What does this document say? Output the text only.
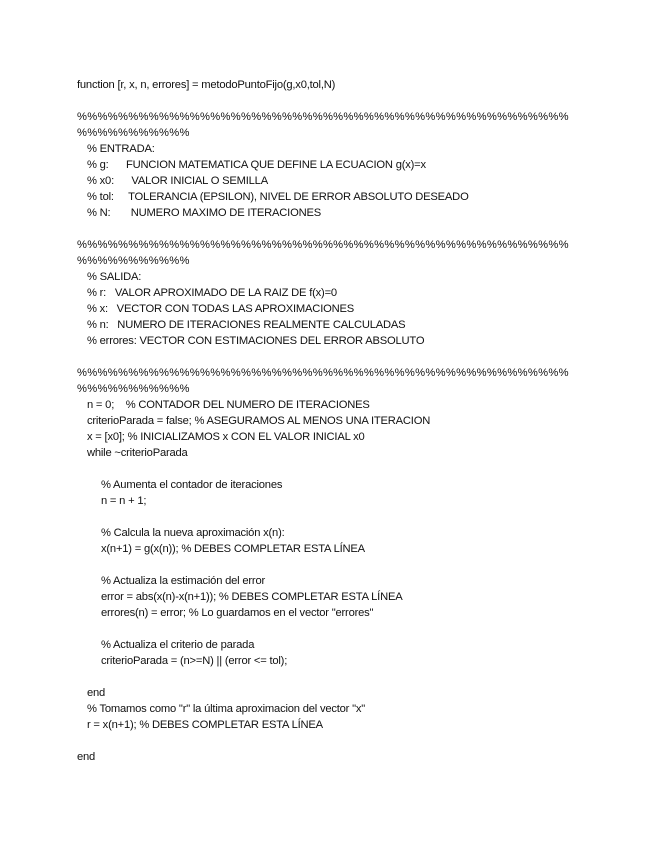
function [r, x, n, errores] = metodoPuntoFijo(g,x0,tol,N)
%%%%%%%%%%%%%%%%%%%%%%%%%%%%%%%%%%%%%%%%%%%%%%%%
%%%%%%%%%%%
% ENTRADA:
% g:      FUNCION MATEMATICA QUE DEFINE LA ECUACION g(x)=x
% x0:      VALOR INICIAL O SEMILLA
% tol:     TOLERANCIA (EPSILON), NIVEL DE ERROR ABSOLUTO DESEADO
% N:       NUMERO MAXIMO DE ITERACIONES
%%%%%%%%%%%%%%%%%%%%%%%%%%%%%%%%%%%%%%%%%%%%%%%%
%%%%%%%%%%%
% SALIDA:
% r:   VALOR APROXIMADO DE LA RAIZ DE f(x)=0
% x:   VECTOR CON TODAS LAS APROXIMACIONES
% n:   NUMERO DE ITERACIONES REALMENTE CALCULADAS
% errores: VECTOR CON ESTIMACIONES DEL ERROR ABSOLUTO
%%%%%%%%%%%%%%%%%%%%%%%%%%%%%%%%%%%%%%%%%%%%%%%%
%%%%%%%%%%%
n = 0;    % CONTADOR DEL NUMERO DE ITERACIONES
criterioParada = false; % ASEGURAMOS AL MENOS UNA ITERACION
x = [x0]; % INICIALIZAMOS x CON EL VALOR INICIAL x0
while ~criterioParada
% Aumenta el contador de iteraciones
n = n + 1;
% Calcula la nueva aproximación x(n):
x(n+1) = g(x(n)); % DEBES COMPLETAR ESTA LÍNEA
% Actualiza la estimación del error
error = abs(x(n)-x(n+1)); % DEBES COMPLETAR ESTA LÍNEA
errores(n) = error; % Lo guardamos en el vector "errores"
% Actualiza el criterio de parada
criterioParada = (n>=N) || (error <= tol);
end
% Tomamos como "r" la última aproximacion del vector "x"
r = x(n+1); % DEBES COMPLETAR ESTA LÍNEA
end
